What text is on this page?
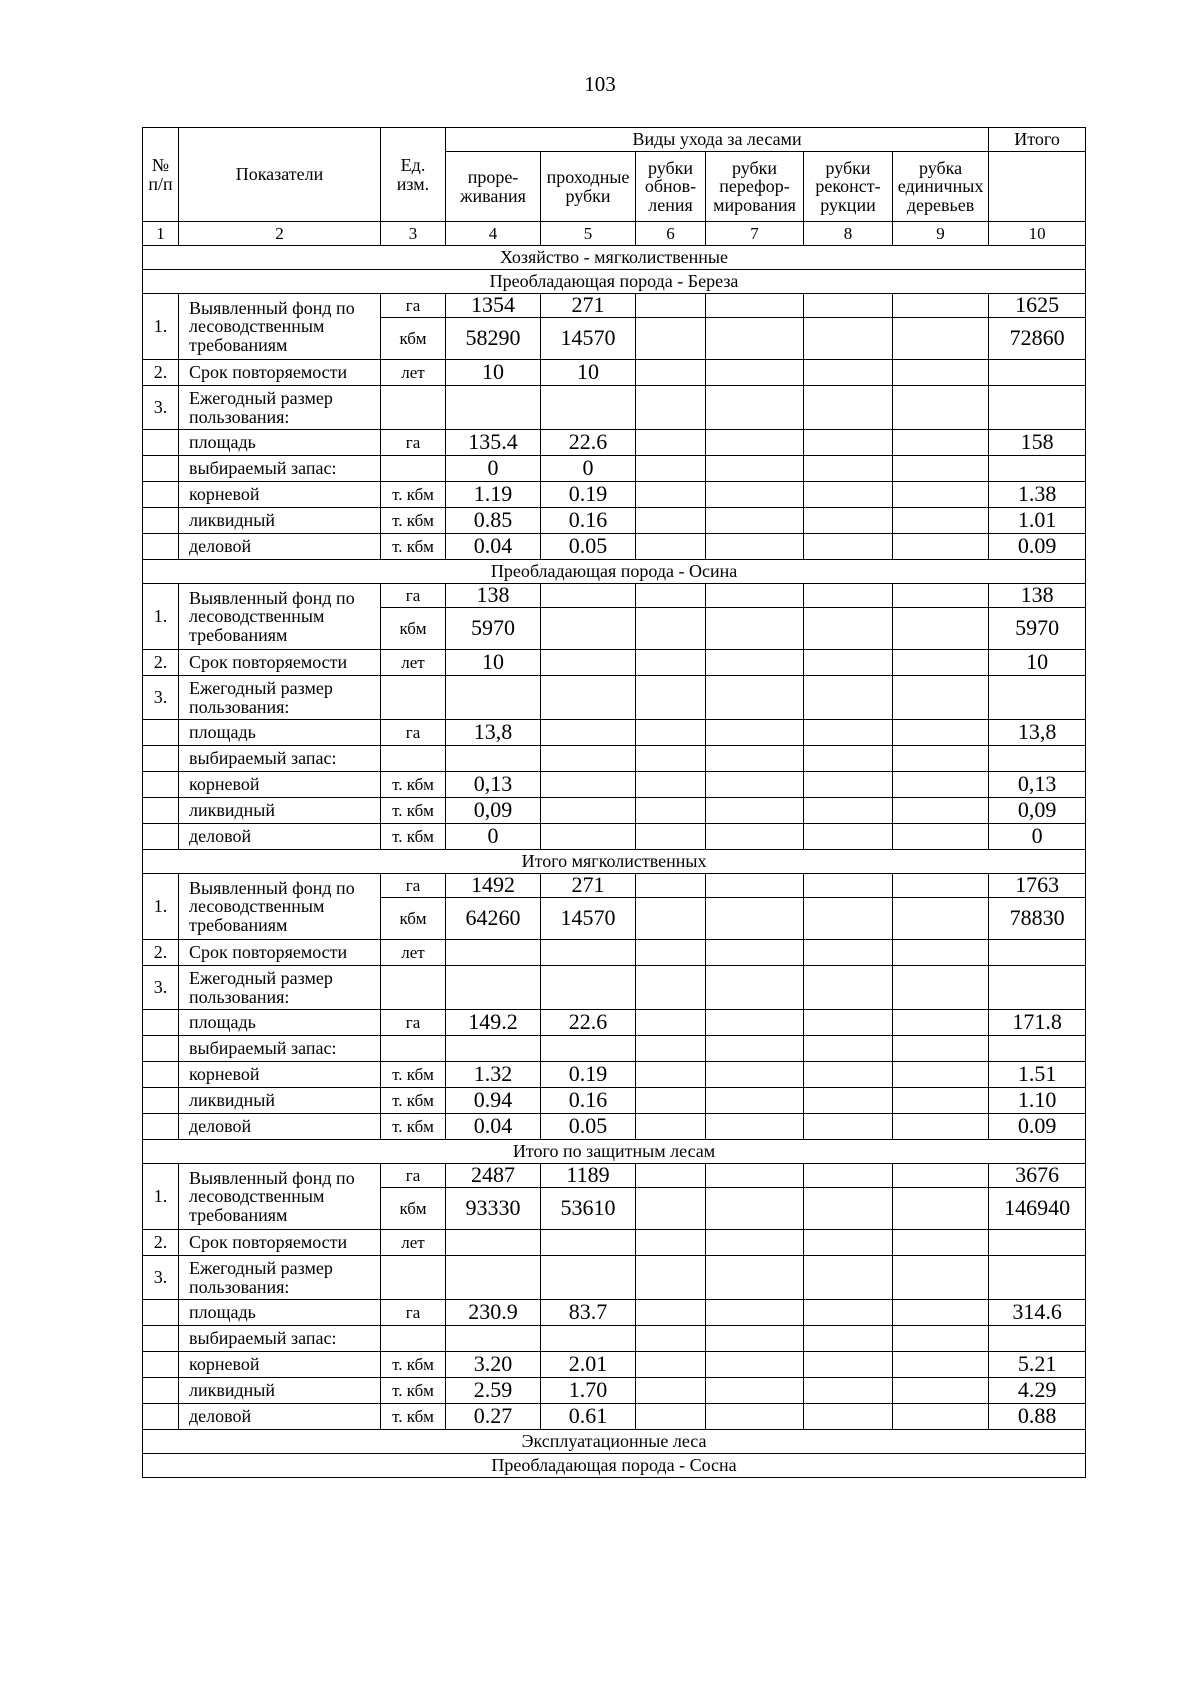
103
№ п/п	Показатели	Ед. изм.	Виды ухода за лесами						Итого
			проре-живания	проходные рубки	рубки обнов-ления	рубки перефор-мирования	рубки реконст-рукции	рубка единичных деревьев	
1	2	3	4	5	6	7	8	9	10
Хозяйство - мягколиственные									
Преобладающая порода - Береза									
1.	Выявленный фонд по лесоводственным требованиям	га	1354	271					1625
		кбм	58290	14570					72860
2.	Срок повторяемости	лет	10	10					
3.	Ежегодный размер пользования:								
	площадь	га	135.4	22.6					158
	выбираемый запас:		0	0					
	корневой	т. кбм	1.19	0.19					1.38
	ликвидный	т. кбм	0.85	0.16					1.01
	деловой	т. кбм	0.04	0.05					0.09
Преобладающая порода - Осина									
1.	Выявленный фонд по лесоводственным требованиям	га	138						138
		кбм	5970						5970
2.	Срок повторяемости	лет	10						10
3.	Ежегодный размер пользования:								
	площадь	га	13,8						13,8
	выбираемый запас:								
	корневой	т. кбм	0,13						0,13
	ликвидный	т. кбм	0,09						0,09
	деловой	т. кбм	0						0
Итого мягколиственных									
1.	Выявленный фонд по лесоводственным требованиям	га	1492	271					1763
		кбм	64260	14570					78830
2.	Срок повторяемости	лет							
3.	Ежегодный размер пользования:								
	площадь	га	149.2	22.6					171.8
	выбираемый запас:								
	корневой	т. кбм	1.32	0.19					1.51
	ликвидный	т. кбм	0.94	0.16					1.10
	деловой	т. кбм	0.04	0.05					0.09
Итого по защитным лесам									
1.	Выявленный фонд по лесоводственным требованиям	га	2487	1189					3676
		кбм	93330	53610					146940
2.	Срок повторяемости	лет							
3.	Ежегодный размер пользования:								
	площадь	га	230.9	83.7					314.6
	выбираемый запас:								
	корневой	т. кбм	3.20	2.01					5.21
	ликвидный	т. кбм	2.59	1.70					4.29
	деловой	т. кбм	0.27	0.61					0.88
Эксплуатационные леса									
Преобладающая порода - Сосна									
